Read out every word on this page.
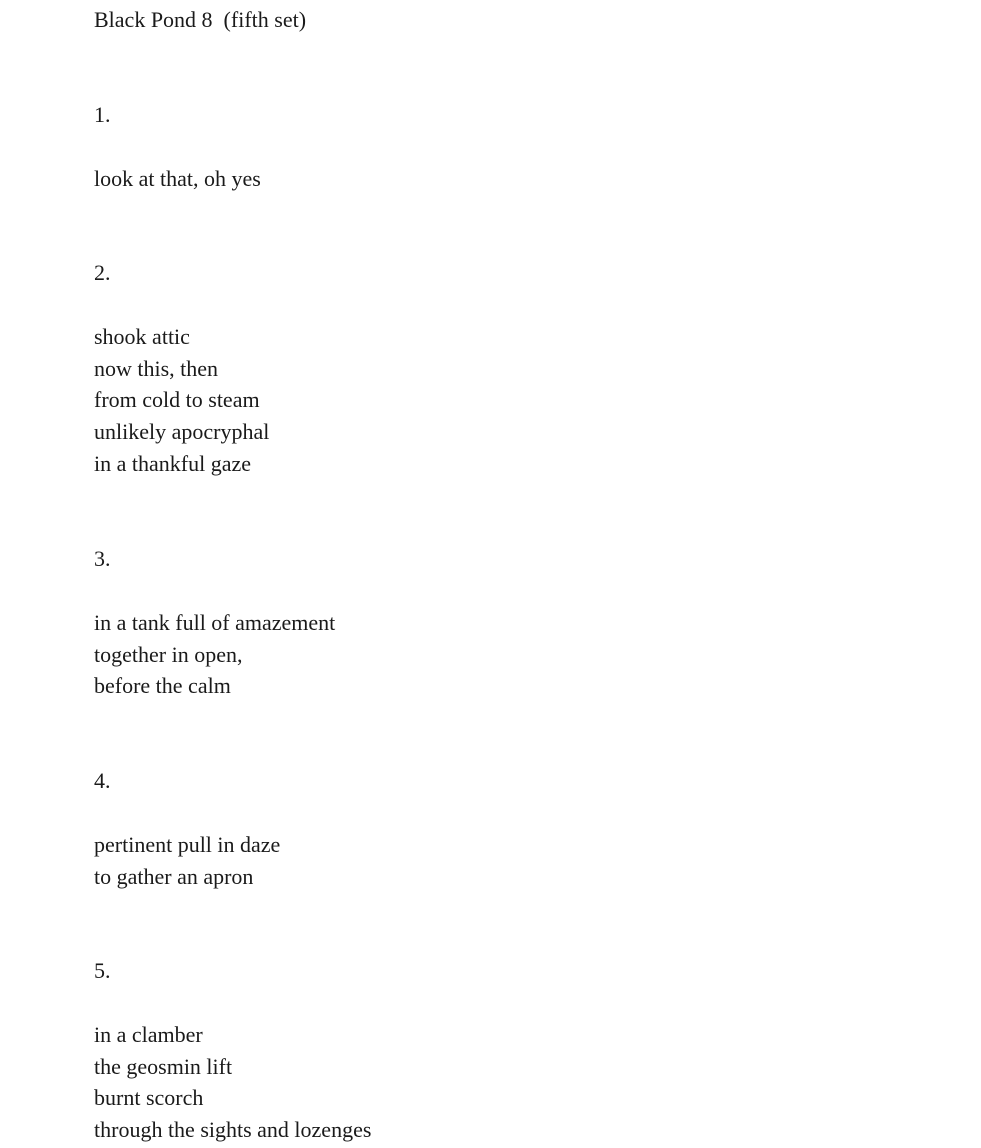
Black Pond 8  (fifth set)
1.
look at that, oh yes
2.
shook attic
now this, then
from cold to steam
unlikely apocryphal
in a thankful gaze
3.
in a tank full of amazement
together in open,
before the calm
4.
pertinent pull in daze
to gather an apron
5.
in a clamber
the geosmin lift
burnt scorch
through the sights and lozenges
